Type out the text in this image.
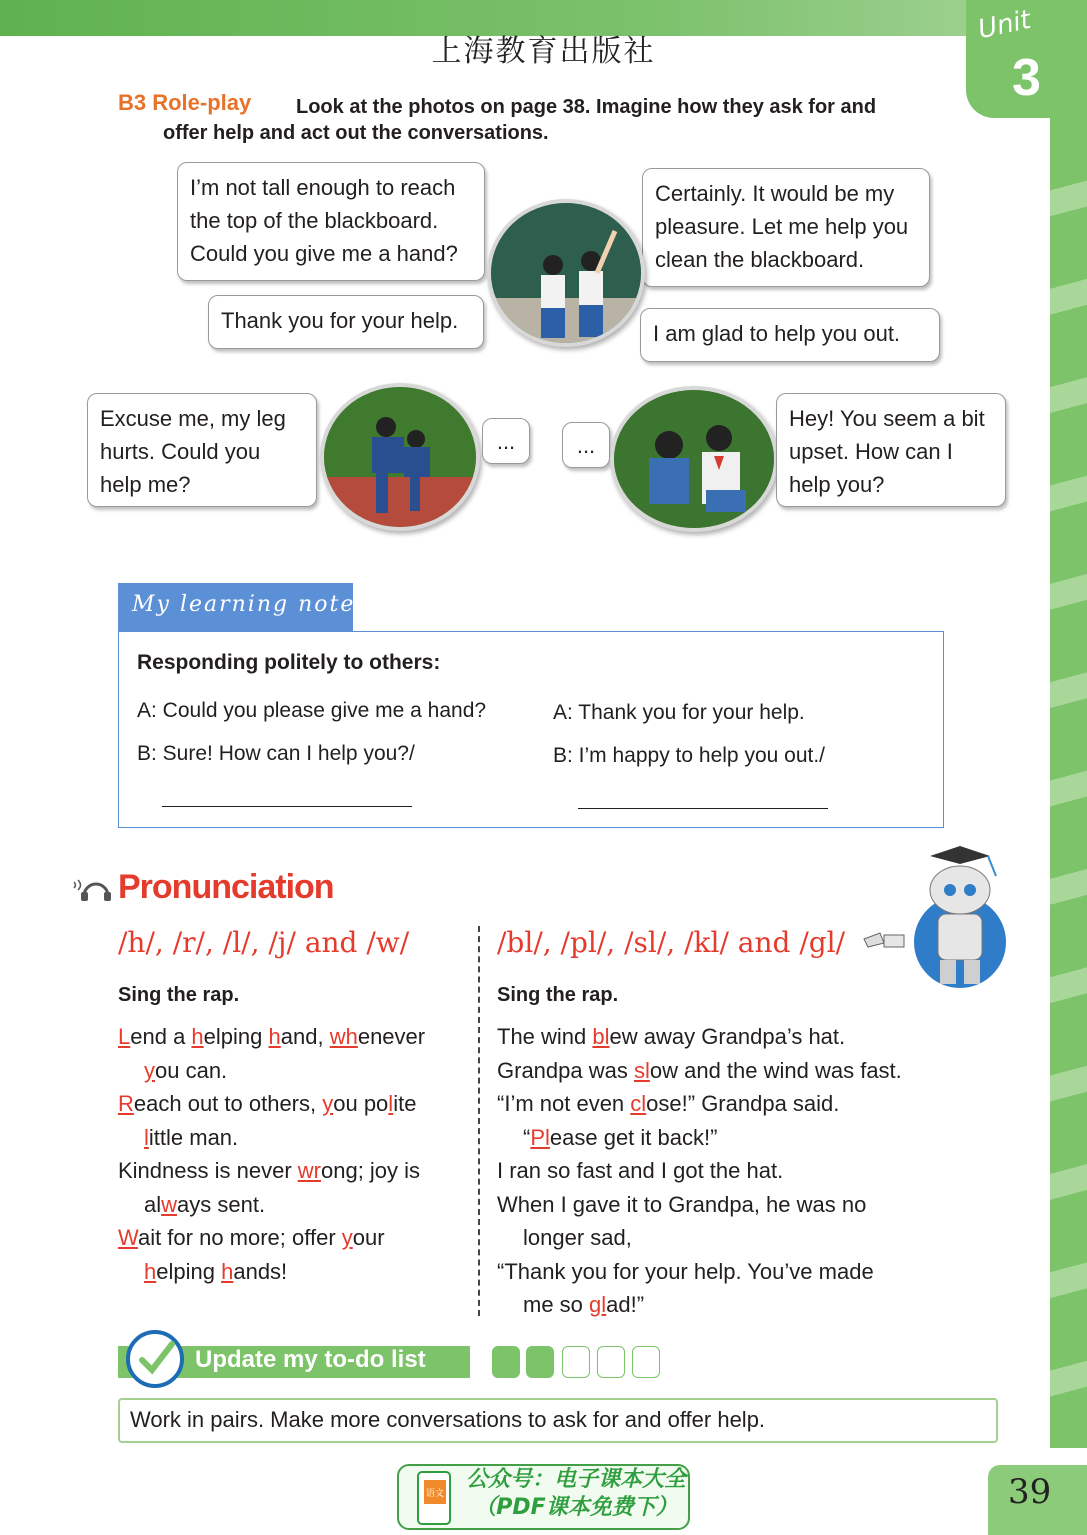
上海教育出版社
Unit
3
B3 Role-play Look at the photos on page 38. Imagine how they ask for and
offer help and act out the conversations.
I’m not tall enough to reach
the top of the blackboard.
Could you give me a hand?
Certainly. It would be my
pleasure. Let me help you
clean the blackboard.
Thank you for your help.
I am glad to help you out.
Excuse me, my leg
hurts. Could you
help me?
...	...
Hey! You seem a bit
upset. How can I
help you?
My learning notes
Responding politely to others:
A: Could you please give me a hand?
B: Sure! How can I help you?/
A: Thank you for your help.
B: I’m happy to help you out./
Pronunciation
/h/, /r/, /l/, /j/ and /w/	/bl/, /pl/, /sl/, /kl/ and /gl/
Sing the rap.	Sing the rap.
Lend a helping hand, whenever
you can.
Reach out to others, you polite
little man.
Kindness is never wrong; joy is
always sent.
Wait for no more; offer your
helping hands!
The wind blew away Grandpa’s hat.
Grandpa was slow and the wind was fast.
“I’m not even close!” Grandpa said.
“Please get it back!”
I ran so fast and I got the hat.
When I gave it to Grandpa, he was no
longer sad,
“Thank you for your help. You’ve made
me so glad!”
Update my to-do list
Work in pairs. Make more conversations to ask for and offer help.
语文
公众号：电子课本大全
（PDF课本免费下）	39
